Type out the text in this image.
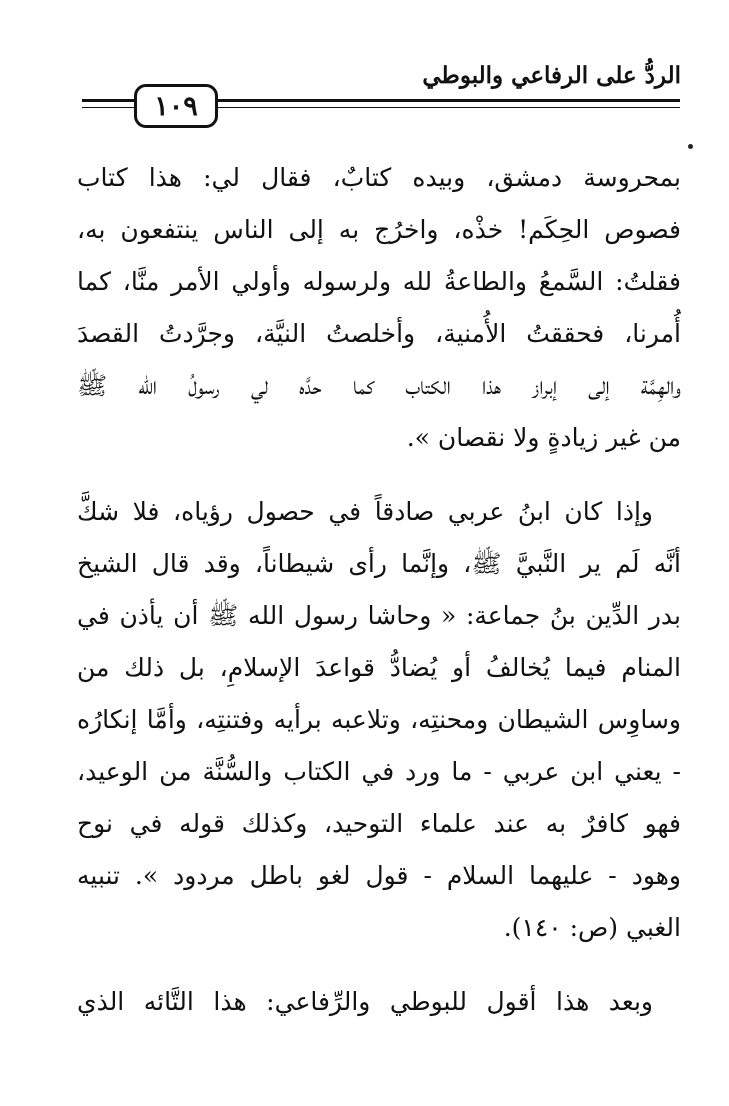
الردُّ على الرفاعي والبوطي
١٠٩
بمحروسة دمشق، وبيده كتابٌ، فقال لي: هذا كتاب
فصوص الحِكَم! خذْه، واخرُج به إلى الناس ينتفعون به،
فقلتُ: السَّمعُ والطاعةُ لله ولرسوله وأولي الأمر منَّا، كما
أُمرنا، فحققتُ الأُمنية، وأخلصتُ النيَّة، وجرَّدتُ القصدَ
والهِمَّة إلى إبراز هذا الكتاب كما حدَّه لي رسولُ الله ﷺ
من غير زيادةٍ ولا نقصان ».
وإذا كان ابنُ عربي صادقاً في حصول رؤياه، فلا شكَّ
أنَّه لَم ير النَّبيَّ ﷺ، وإنَّما رأى شيطاناً، وقد قال الشيخ
بدر الدِّين بنُ جماعة: « وحاشا رسول الله ﷺ أن يأذن في
المنام فيما يُخالفُ أو يُضادُّ قواعدَ الإسلامِ، بل ذلك من
وساوِس الشيطان ومحنتِه، وتلاعبه برأيه وفتنتِه، وأمَّا إنكارُه
- يعني ابن عربي - ما ورد في الكتاب والسُّنَّة من الوعيد،
فهو كافرٌ به عند علماء التوحيد، وكذلك قوله في نوح
وهود - عليهما السلام - قول لغو باطل مردود ». تنبيه
الغبي (ص: ١٤٠).
وبعد هذا أقول للبوطي والرِّفاعي: هذا التَّائه الذي
